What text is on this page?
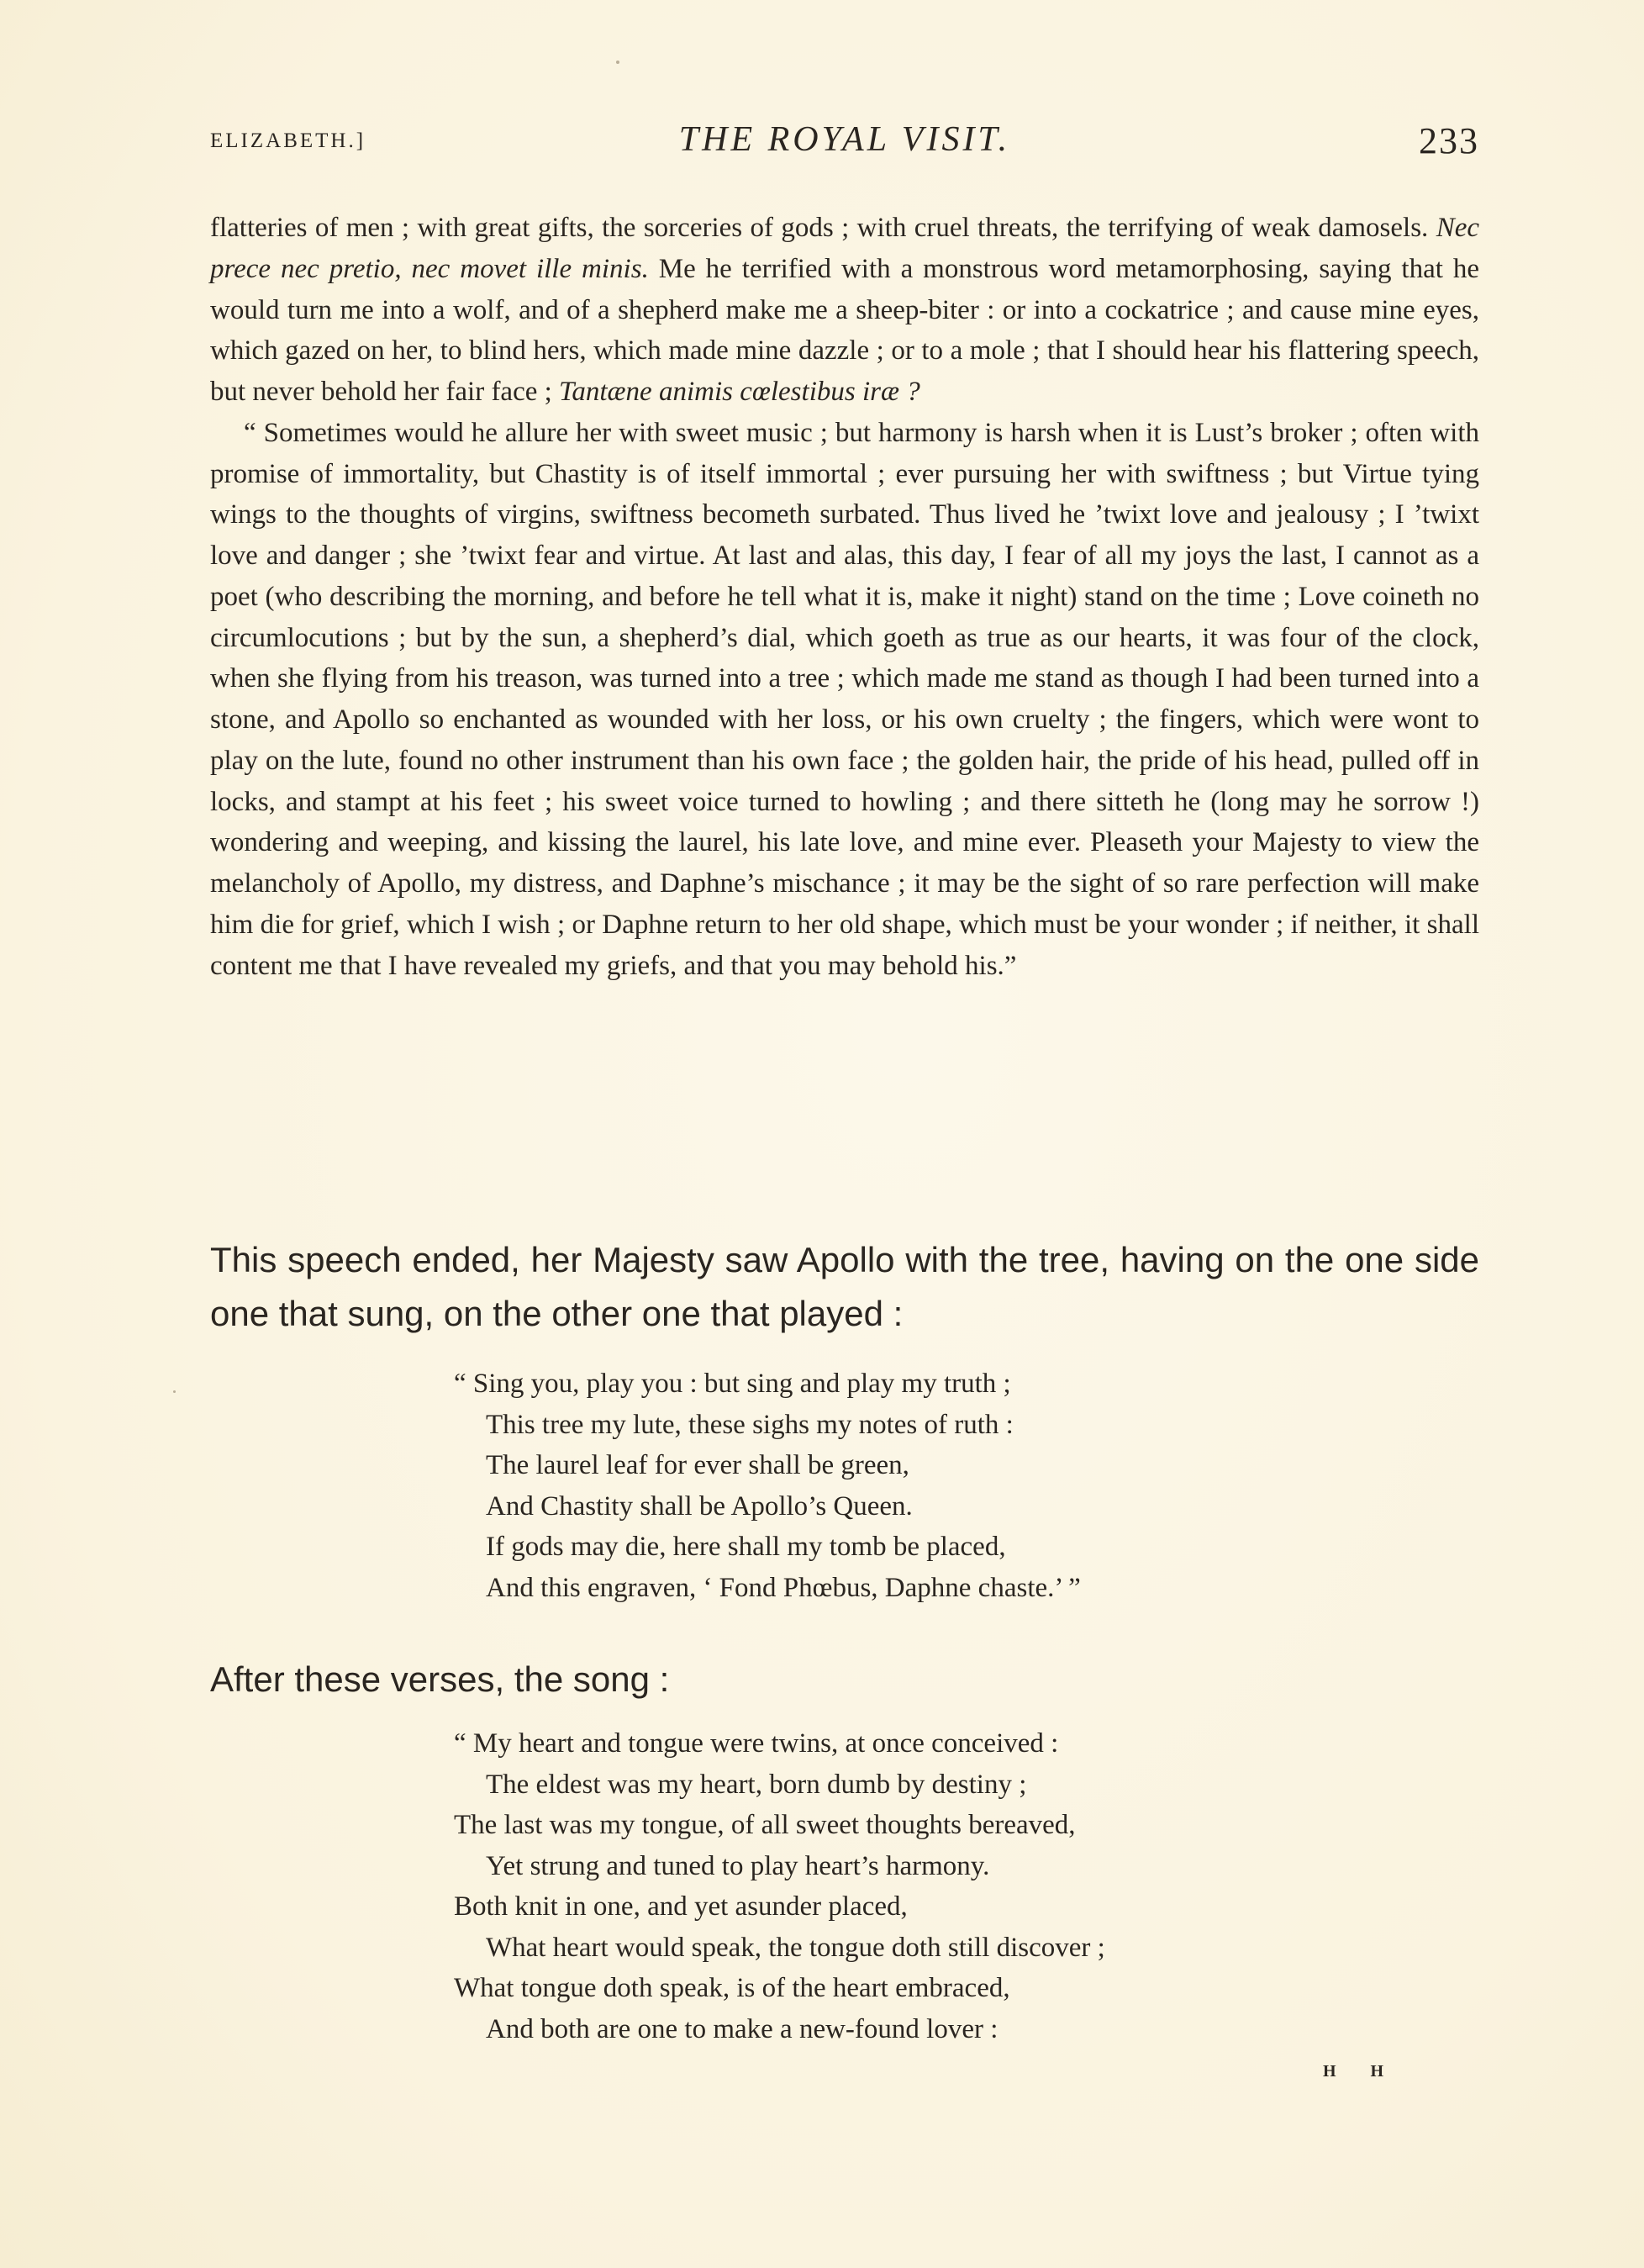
ELIZABETH.]	THE ROYAL VISIT.	233

flatteries of men ; with great gifts, the sorceries of gods ; with cruel threats, the terrifying of weak damosels. Nec prece nec pretio, nec movet ille minis. Me he terrified with a monstrous word metamorphosing, saying that he would turn me into a wolf, and of a shepherd make me a sheep-biter : or into a cockatrice ; and cause mine eyes, which gazed on her, to blind hers, which made mine dazzle ; or to a mole ; that I should hear his flattering speech, but never behold her fair face ; Tantæne animis cœlestibus iræ ?

“ Sometimes would he allure her with sweet music ; but harmony is harsh when it is Lust’s broker ; often with promise of immortality, but Chastity is of itself immortal ; ever pursuing her with swiftness ; but Virtue tying wings to the thoughts of virgins, swiftness becometh surbated. Thus lived he ’twixt love and jealousy ; I ’twixt love and danger ; she ’twixt fear and virtue. At last and alas, this day, I fear of all my joys the last, I cannot as a poet (who describing the morning, and before he tell what it is, make it night) stand on the time ; Love coineth no circumlocutions ; but by the sun, a shepherd’s dial, which goeth as true as our hearts, it was four of the clock, when she flying from his treason, was turned into a tree ; which made me stand as though I had been turned into a stone, and Apollo so enchanted as wounded with her loss, or his own cruelty ; the fingers, which were wont to play on the lute, found no other instrument than his own face ; the golden hair, the pride of his head, pulled off in locks, and stampt at his feet ; his sweet voice turned to howling ; and there sitteth he (long may he sorrow !) wondering and weeping, and kissing the laurel, his late love, and mine ever. Pleaseth your Majesty to view the melancholy of Apollo, my distress, and Daphne’s mischance ; it may be the sight of so rare perfection will make him die for grief, which I wish ; or Daphne return to her old shape, which must be your wonder ; if neither, it shall content me that I have revealed my griefs, and that you may behold his.”

This speech ended, her Majesty saw Apollo with the tree, having on the one side one that sung, on the other one that played :

“ Sing you, play you : but sing and play my truth ;
This tree my lute, these sighs my notes of ruth :
The laurel leaf for ever shall be green,
And Chastity shall be Apollo’s Queen.
If gods may die, here shall my tomb be placed,
And this engraven, ‘ Fond Phœbus, Daphne chaste.’ ”

After these verses, the song :

“ My heart and tongue were twins, at once conceived :
The eldest was my heart, born dumb by destiny ;
The last was my tongue, of all sweet thoughts bereaved,
Yet strung and tuned to play heart’s harmony.
Both knit in one, and yet asunder placed,
What heart would speak, the tongue doth still discover ;
What tongue doth speak, is of the heart embraced,
And both are one to make a new-found lover :
H H
